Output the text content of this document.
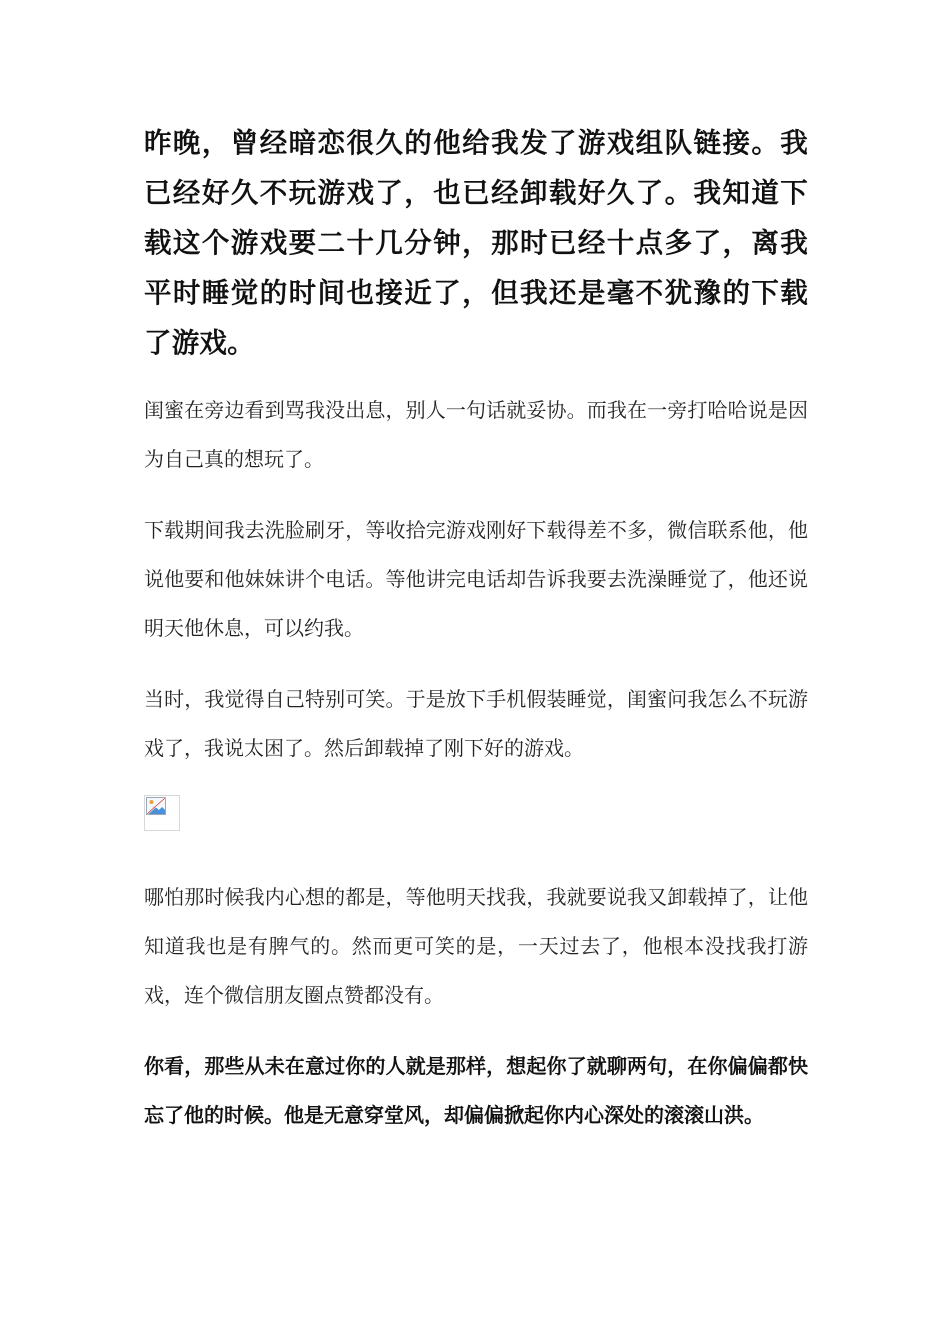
昨晚，曾经暗恋很久的他给我发了游戏组队链接。我已经好久不玩游戏了，也已经卸载好久了。我知道下载这个游戏要二十几分钟，那时已经十点多了，离我平时睡觉的时间也接近了，但我还是毫不犹豫的下载了游戏。

闺蜜在旁边看到骂我没出息，别人一句话就妥协。而我在一旁打哈哈说是因为自己真的想玩了。

下载期间我去洗脸刷牙，等收拾完游戏刚好下载得差不多，微信联系他，他说他要和他妹妹讲个电话。等他讲完电话却告诉我要去洗澡睡觉了，他还说明天他休息，可以约我。

当时，我觉得自己特别可笑。于是放下手机假装睡觉，闺蜜问我怎么不玩游戏了，我说太困了。然后卸载掉了刚下好的游戏。

哪怕那时候我内心想的都是，等他明天找我，我就要说我又卸载掉了，让他知道我也是有脾气的。然而更可笑的是，一天过去了，他根本没找我打游戏，连个微信朋友圈点赞都没有。

你看，那些从未在意过你的人就是那样，想起你了就聊两句，在你偏偏都快忘了他的时候。他是无意穿堂风，却偏偏掀起你内心深处的滚滚山洪。
